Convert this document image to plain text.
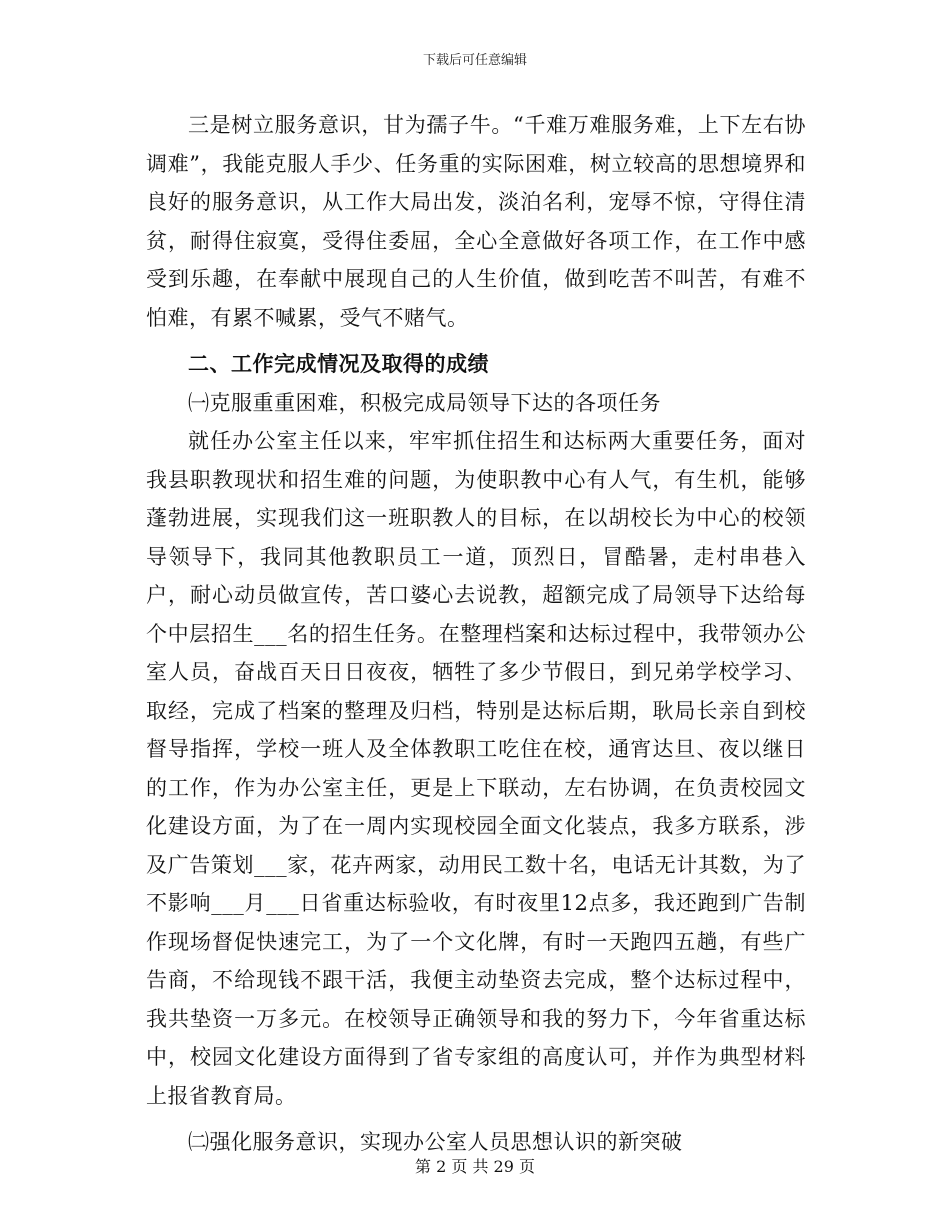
下载后可任意编辑

三是树立服务意识，甘为孺子牛。“千难万难服务难，上下左右协调难”，我能克服人手少、任务重的实际困难，树立较高的思想境界和良好的服务意识，从工作大局出发，淡泊名利，宠辱不惊，守得住清贫，耐得住寂寞，受得住委屈，全心全意做好各项工作，在工作中感受到乐趣，在奉献中展现自己的人生价值，做到吃苦不叫苦，有难不怕难，有累不喊累，受气不赌气。

二、工作完成情况及取得的成绩

㈠克服重重困难，积极完成局领导下达的各项任务

就任办公室主任以来，牢牢抓住招生和达标两大重要任务，面对我县职教现状和招生难的问题，为使职教中心有人气，有生机，能够蓬勃进展，实现我们这一班职教人的目标，在以胡校长为中心的校领导领导下，我同其他教职员工一道，顶烈日，冒酷暑，走村串巷入户，耐心动员做宣传，苦口婆心去说教，超额完成了局领导下达给每个中层招生___名的招生任务。在整理档案和达标过程中，我带领办公室人员，奋战百天日日夜夜，牺牲了多少节假日，到兄弟学校学习、取经，完成了档案的整理及归档，特别是达标后期，耿局长亲自到校督导指挥，学校一班人及全体教职工吃住在校，通宵达旦、夜以继日的工作，作为办公室主任，更是上下联动，左右协调，在负责校园文化建设方面，为了在一周内实现校园全面文化装点，我多方联系，涉及广告策划___家，花卉两家，动用民工数十名，电话无计其数，为了不影响___月___日省重达标验收，有时夜里12点多，我还跑到广告制作现场督促快速完工，为了一个文化牌，有时一天跑四五趟，有些广告商，不给现钱不跟干活，我便主动垫资去完成，整个达标过程中，我共垫资一万多元。在校领导正确领导和我的努力下，今年省重达标中，校园文化建设方面得到了省专家组的高度认可，并作为典型材料上报省教育局。

㈡强化服务意识，实现办公室人员思想认识的新突破

第 2 页 共 29 页
